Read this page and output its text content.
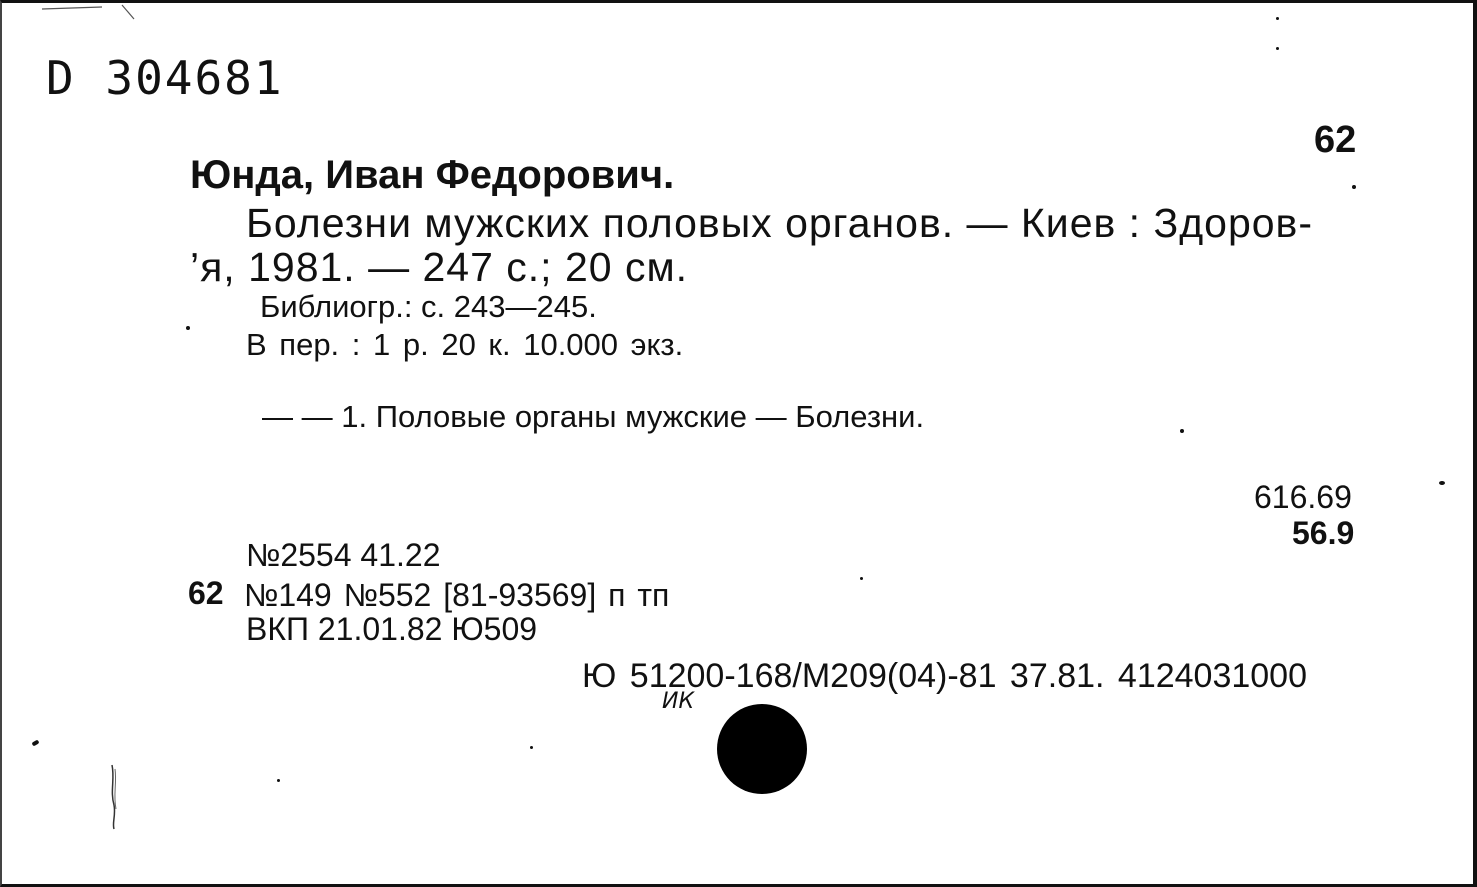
D 304681
62
Юнда, Иван Федорович.
Болезни мужских половых органов. — Киев : Здоров-
’я, 1981. — 247 с.; 20 см.
Библиогр.: с. 243—245.
В пер. : 1 р. 20 к. 10.000 экз.
— — 1. Половые органы мужские — Болезни.
616.69
56.9
№2554 41.22
62 №149 №552 [81-93569] п тп
ВКП 21.01.82 Ю509
Ю 51200-168/М209(04)-81 37.81. 4124031000
ИК
